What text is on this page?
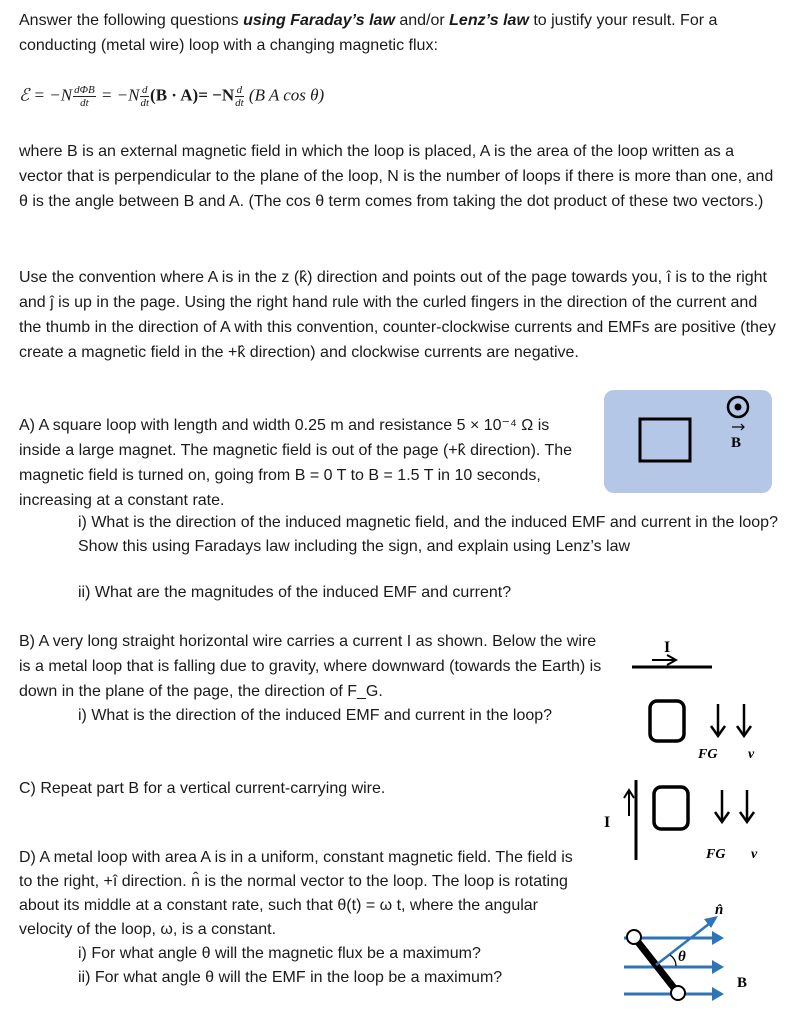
Answer the following questions using Faraday’s law and/or Lenz’s law to justify your result. For a conducting (metal wire) loop with a changing magnetic flux:

ℰ = $-N \frac{\text{dΦB}}{dt} = -N \frac{d}{dt} (B \cdot A)= -N \frac{d}{dt} (B$ A cos θ)

where B is an external magnetic field in which the loop is placed, A is the area of the loop written as a vector that is perpendicular to the plane of the loop, N is the number of loops if there is more than one, and θ is the angle between B and A. (The cos θ term comes from taking the dot product of these two vectors.)

Use the convention where A is in the z (k̂) direction and points out of the page towards you, î is to the right and ĵ is up in the page. Using the right hand rule with the curled fingers in the direction of the current and the thumb in the direction of A with this convention, counter-clockwise currents and EMFs are positive (they create a magnetic field in the +k̂ direction) and clockwise currents are negative.

A) A square loop with length and width 0.25 m and resistance 5 × 10⁻⁴ Ω is inside a large magnet. The magnetic field is out of the page (+k̂ direction). The magnetic field is turned on, going from B = 0 T to B = 1.5 T in 10 seconds, increasing at a constant rate.

i) What is the direction of the induced magnetic field, and the induced EMF and current in the loop? Show this using Faradays law including the sign, and explain using Lenz’s law

ii) What are the magnitudes of the induced EMF and current?

B

B) A very long straight horizontal wire carries a current I as shown. Below the wire is a metal loop that is falling due to gravity, where downward (towards the Earth) is down in the plane of the page, the direction of F_G.

i) What is the direction of the induced EMF and current in the loop?

I
FG v

C) Repeat part B for a vertical current-carrying wire.

I
FG v

D) A metal loop with area A is in a uniform, constant magnetic field. The field is to the right, +î direction. n̂ is the normal vector to the loop. The loop is rotating about its middle at a constant rate, such that θ(t) = ω t, where the angular velocity of the loop, ω, is a constant.

i) For what angle θ will the magnetic flux be a maximum?

ii) For what angle θ will the EMF in the loop be a maximum?

θ
n̂
B
